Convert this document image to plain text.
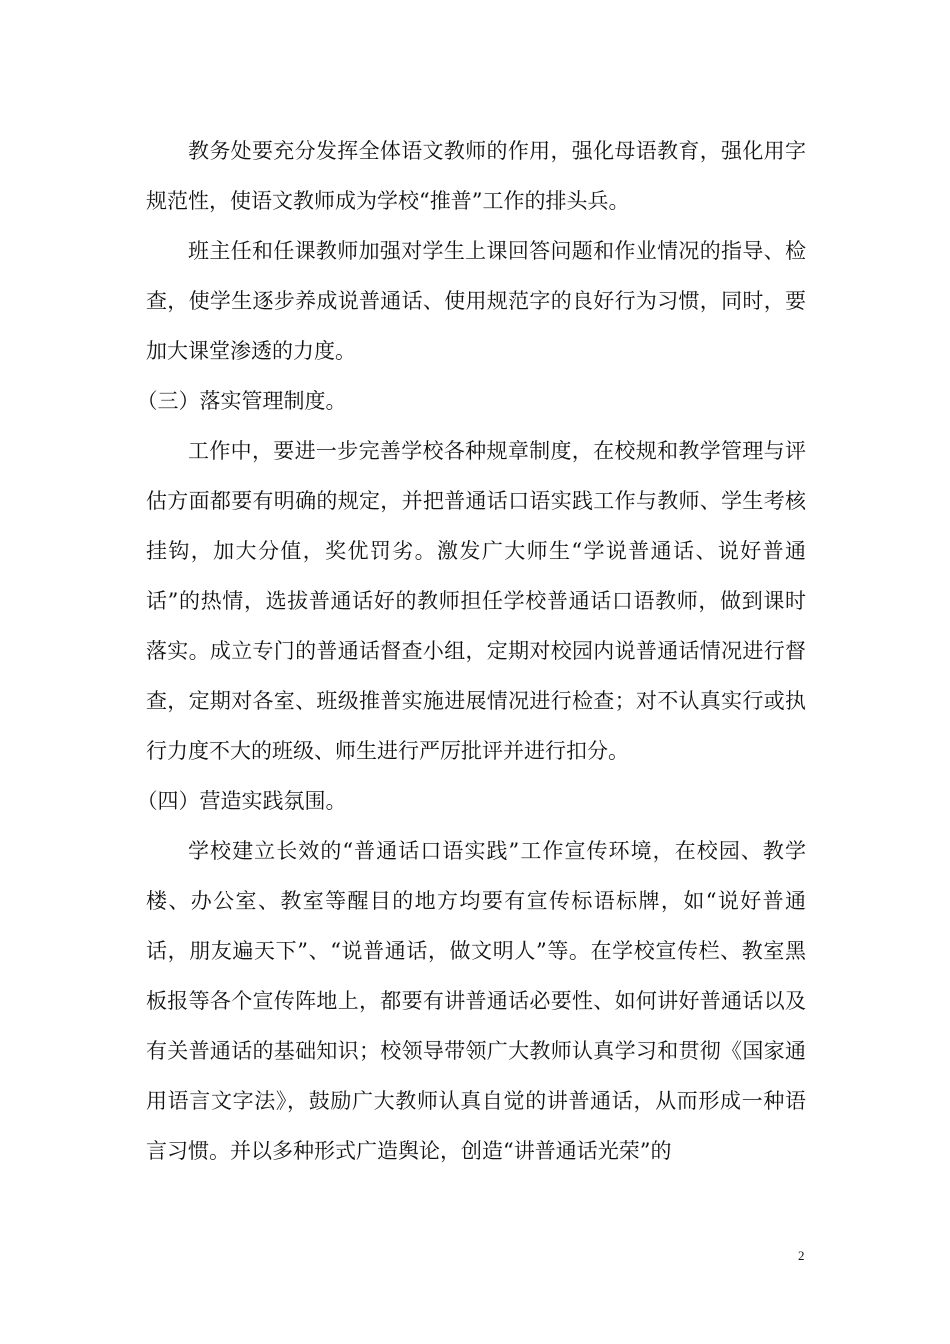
教务处要充分发挥全体语文教师的作用，强化母语教育，强化用字规范性，使语文教师成为学校“推普”工作的排头兵。

班主任和任课教师加强对学生上课回答问题和作业情况的指导、检查，使学生逐步养成说普通话、使用规范字的良好行为习惯，同时，要加大课堂渗透的力度。

（三）落实管理制度。

工作中，要进一步完善学校各种规章制度，在校规和教学管理与评估方面都要有明确的规定，并把普通话口语实践工作与教师、学生考核挂钩，加大分值，奖优罚劣。激发广大师生“学说普通话、说好普通话”的热情，选拔普通话好的教师担任学校普通话口语教师，做到课时落实。成立专门的普通话督查小组，定期对校园内说普通话情况进行督查，定期对各室、班级推普实施进展情况进行检查；对不认真实行或执行力度不大的班级、师生进行严厉批评并进行扣分。

（四）营造实践氛围。

学校建立长效的“普通话口语实践”工作宣传环境，在校园、教学楼、办公室、教室等醒目的地方均要有宣传标语标牌，如“说好普通话，朋友遍天下”、“说普通话，做文明人”等。在学校宣传栏、教室黑板报等各个宣传阵地上，都要有讲普通话必要性、如何讲好普通话以及有关普通话的基础知识；校领导带领广大教师认真学习和贯彻《国家通用语言文字法》，鼓励广大教师认真自觉的讲普通话，从而形成一种语言习惯。并以多种形式广造舆论，创造“讲普通话光荣”的

2
